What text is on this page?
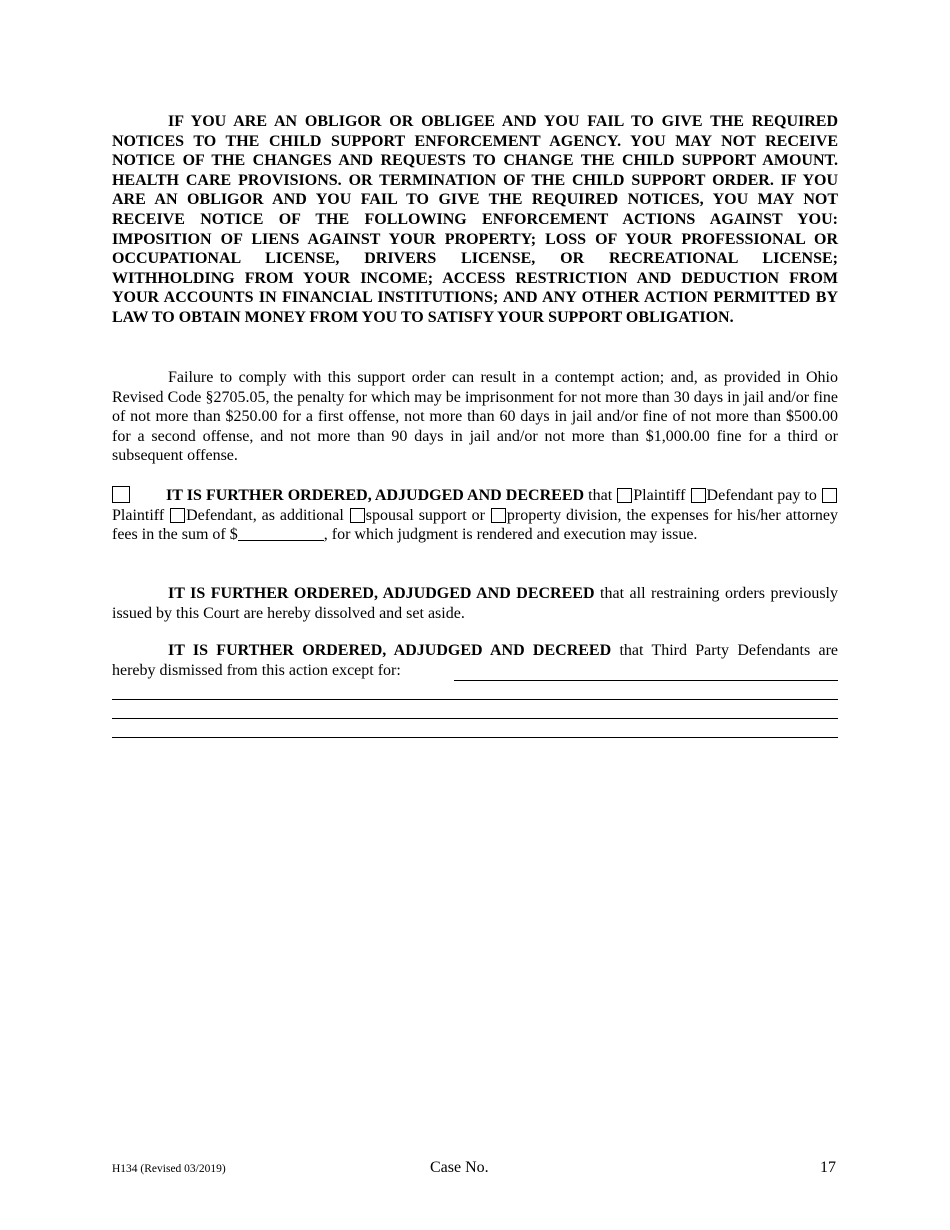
IF YOU ARE AN OBLIGOR OR OBLIGEE AND YOU FAIL TO GIVE THE REQUIRED NOTICES TO THE CHILD SUPPORT ENFORCEMENT AGENCY. YOU MAY NOT RECEIVE NOTICE OF THE CHANGES AND REQUESTS TO CHANGE THE CHILD SUPPORT AMOUNT. HEALTH CARE PROVISIONS. OR TERMINATION OF THE CHILD SUPPORT ORDER. IF YOU ARE AN OBLIGOR AND YOU FAIL TO GIVE THE REQUIRED NOTICES, YOU MAY NOT RECEIVE NOTICE OF THE FOLLOWING ENFORCEMENT ACTIONS AGAINST YOU: IMPOSITION OF LIENS AGAINST YOUR PROPERTY; LOSS OF YOUR PROFESSIONAL OR OCCUPATIONAL LICENSE, DRIVERS LICENSE, OR RECREATIONAL LICENSE; WITHHOLDING FROM YOUR INCOME; ACCESS RESTRICTION AND DEDUCTION FROM YOUR ACCOUNTS IN FINANCIAL INSTITUTIONS; AND ANY OTHER ACTION PERMITTED BY LAW TO OBTAIN MONEY FROM YOU TO SATISFY YOUR SUPPORT OBLIGATION.

Failure to comply with this support order can result in a contempt action; and, as provided in Ohio Revised Code §2705.05, the penalty for which may be imprisonment for not more than 30 days in jail and/or fine of not more than $250.00 for a first offense, not more than 60 days in jail and/or fine of not more than $500.00 for a second offense, and not more than 90 days in jail and/or not more than $1,000.00 fine for a third or subsequent offense.

IT IS FURTHER ORDERED, ADJUDGED AND DECREED that Plaintiff Defendant pay to Plaintiff Defendant, as additional spousal support or property division, the expenses for his/her attorney fees in the sum of $	, for which judgment is rendered and execution may issue.

IT IS FURTHER ORDERED, ADJUDGED AND DECREED that all restraining orders previously issued by this Court are hereby dissolved and set aside.

IT IS FURTHER ORDERED, ADJUDGED AND DECREED that Third Party Defendants are hereby dismissed from this action except for:

H134 (Revised 03/2019)	Case No.	17
